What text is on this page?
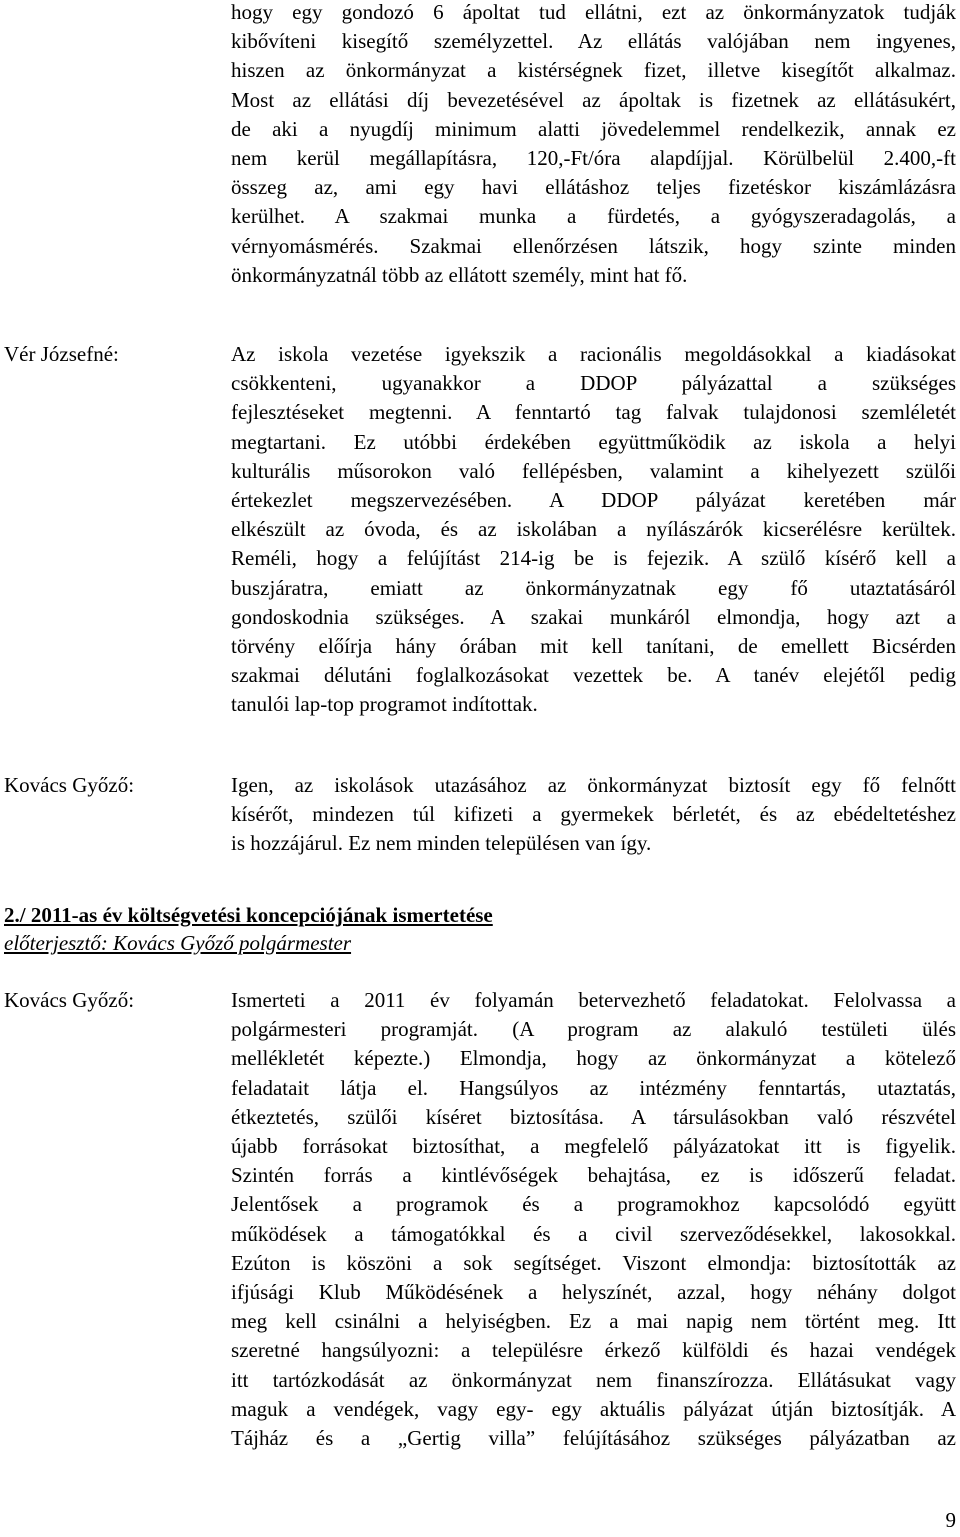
hogy egy gondozó 6 ápoltat tud ellátni, ezt az önkormányzatok tudják
kibővíteni kisegítő személyzettel. Az ellátás valójában nem ingyenes,
hiszen az önkormányzat a kistérségnek fizet, illetve kisegítőt alkalmaz.
Most az ellátási díj bevezetésével az ápoltak is fizetnek az ellátásukért,
de aki a nyugdíj minimum alatti jövedelemmel rendelkezik, annak ez
nem kerül megállapításra, 120,-Ft/óra alapdíjjal. Körülbelül 2.400,-ft
összeg az, ami egy havi ellátáshoz teljes fizetéskor kiszámlázásra
kerülhet. A szakmai munka a fürdetés, a gyógyszeradagolás, a
vérnyomásmérés. Szakmai ellenőrzésen látszik, hogy szinte minden
önkormányzatnál több az ellátott személy, mint hat fő.

Vér Józsefné:	Az iskola vezetése igyekszik a racionális megoldásokkal a kiadásokat
csökkenteni, ugyanakkor a DDOP pályázattal a szükséges
fejlesztéseket megtenni. A fenntartó tag falvak tulajdonosi szemléletét
megtartani. Ez utóbbi érdekében együttműködik az iskola a helyi
kulturális műsorokon való fellépésben, valamint a kihelyezett szülői
értekezlet megszervezésében. A DDOP pályázat keretében már
elkészült az óvoda, és az iskolában a nyílászárók kicserélésre kerültek.
Reméli, hogy a felújítást 214-ig be is fejezik. A szülő kísérő kell a
buszjáratra, emiatt az önkormányzatnak egy fő utaztatásáról
gondoskodnia szükséges. A szakai munkáról elmondja, hogy azt a
törvény előírja hány órában mit kell tanítani, de emellett Bicsérden
szakmai délutáni foglalkozásokat vezettek be. A tanév elejétől pedig
tanulói lap-top programot indítottak.

Kovács Győző:	Igen, az iskolások utazásához az önkormányzat biztosít egy fő felnőtt
kísérőt, mindezen túl kifizeti a gyermekek bérletét, és az ebédeltetéshez
is hozzájárul. Ez nem minden településen van így.

2./ 2011-as év költségvetési koncepciójának ismertetése

előterjesztő: Kovács Győző polgármester

Kovács Győző:	Ismerteti a 2011 év folyamán betervezhető feladatokat. Felolvassa a
polgármesteri programját. (A program az alakuló testületi ülés
mellékletét képezte.) Elmondja, hogy az önkormányzat a kötelező
feladatait látja el. Hangsúlyos az intézmény fenntartás, utaztatás,
étkeztetés, szülői kíséret biztosítása. A társulásokban való részvétel
újabb forrásokat biztosíthat, a megfelelő pályázatokat itt is figyelik.
Szintén forrás a kintlévőségek behajtása, ez is időszerű feladat.
Jelentősek a programok és a programokhoz kapcsolódó együtt
működések a támogatókkal és a civil szerveződésekkel, lakosokkal.
Ezúton is köszöni a sok segítséget. Viszont elmondja: biztosították az
ifjúsági Klub Működésének a helyszínét, azzal, hogy néhány dolgot
meg kell csinálni a helyiségben. Ez a mai napig nem történt meg. Itt
szeretné hangsúlyozni: a településre érkező külföldi és hazai vendégek
itt tartózkodását az önkormányzat nem finanszírozza. Ellátásukat vagy
maguk a vendégek, vagy egy- egy aktuális pályázat útján biztosítják. A
Tájház és a „Gertig villa” felújításához szükséges pályázatban az

9
